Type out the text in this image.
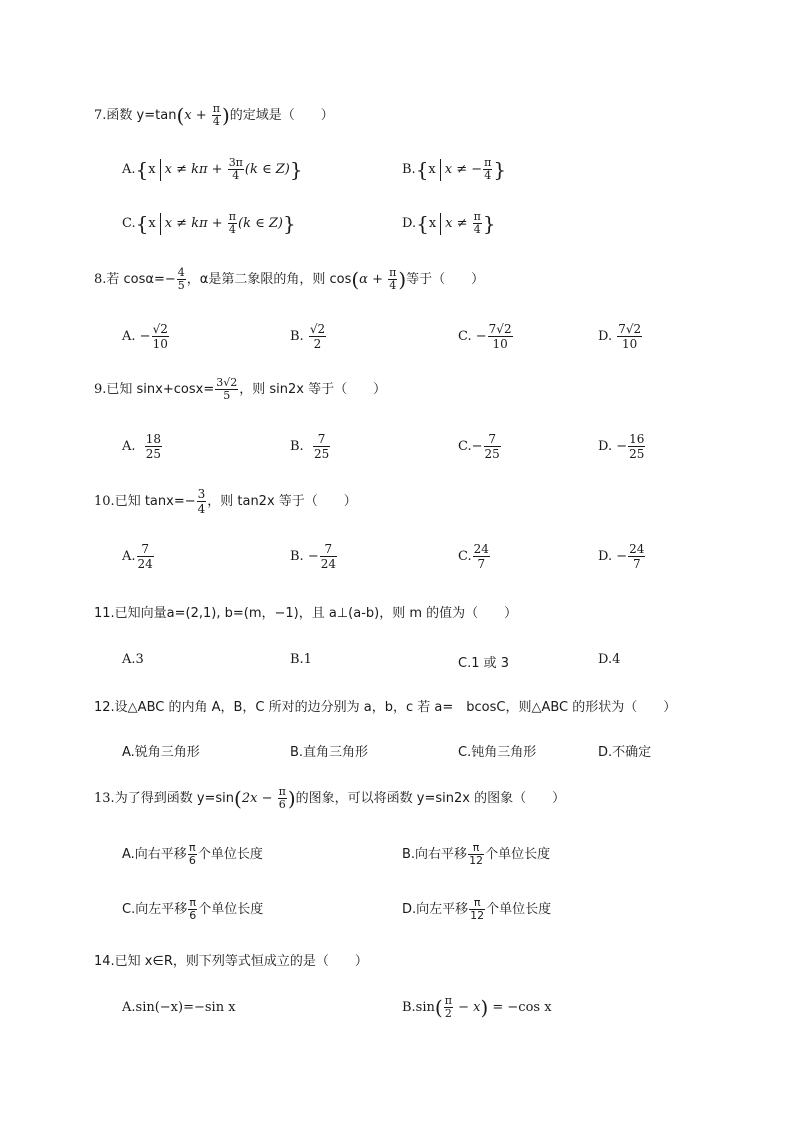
7.函数 $y=\tan(x + \frac{\pi}{4}$ )的定域是（　　）
A.{x $x \ne k\pi + \frac{3\pi}{4} (k$ ∈ Z)}	B.{x x ≠ − $\frac{\pi}{4}$ }
C.{x $x \ne k\pi + \frac{\pi}{4} (k$ ∈ Z)}	D.{x $x \ne \frac{\pi}{4}$ }
8.若 $\cos\alpha=- \frac{4}{5}$ ，α是第二象限的角，则 $\cos(\alpha + \frac{\pi}{4}$ )等于（　　）
A. − $\frac{√2}{10}$	B. $\frac{√2}{2}$	C. − $\frac{7√2}{10}$	D. $\frac{7√2}{10}$
9.已知 $\sin x+\cos x= \frac{3√2}{5}$ ，则 sin2x 等于（　　）
A. $\frac{18}{25}$	B. $\frac{7}{25}$	$C.- \frac{7}{25}$	D. − $\frac{16}{25}$
10.已知 $\tan x=- \frac{3}{4}$ ，则 tan2x 等于（　　）
A. $\frac{7}{24}$	B. − $\frac{7}{24}$	C. $\frac{24}{7}$	D. − $\frac{24}{7}$
11.已知向量a=(2,1), b=(m，−1)，且 a⊥(a-b)，则 m 的值为（　　）
A.3	B.1	C.1 或 3	D.4
12.设△ABC 的内角 A，B，C 所对的边分别为 a，b，c 若 a=　bcosC，则△ABC 的形状为（　　）
A.锐角三角形	B.直角三角形	C.钝角三角形	D.不确定
13.为了得到函数 $y=\sin(2x - \frac{\pi}{6}$ )的图象，可以将函数 y=sin2x 的图象（　　）
A.向右平移 $\frac{\pi}{6}$ 个单位长度	B.向右平移 $\frac{\pi}{12}$ 个单位长度
C.向左平移 $\frac{\pi}{6}$ 个单位长度	D.向左平移 $\frac{\pi}{12}$ 个单位长度
14.已知 x∈R，则下列等式恒成立的是（　　）
A.sin(−x)=−sin x	$B.\sin( \frac{\pi}{2} - x) = -\cos$ x
